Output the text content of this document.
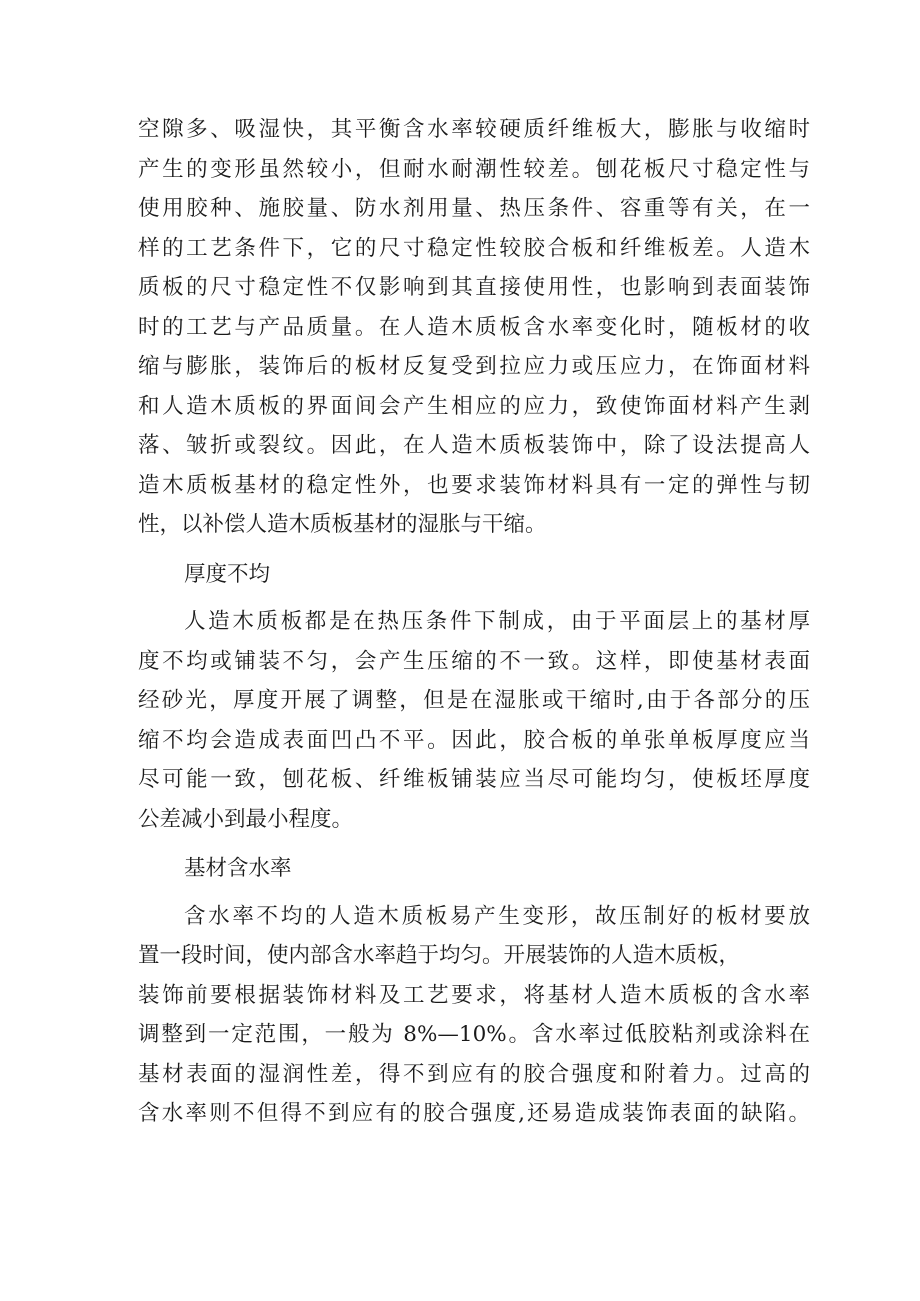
空隙多、吸湿快，其平衡含水率较硬质纤维板大，膨胀与收缩时
产生的变形虽然较小，但耐水耐潮性较差。刨花板尺寸稳定性与
使用胶种、施胶量、防水剂用量、热压条件、容重等有关，在一
样的工艺条件下，它的尺寸稳定性较胶合板和纤维板差。人造木
质板的尺寸稳定性不仅影响到其直接使用性，也影响到表面装饰
时的工艺与产品质量。在人造木质板含水率变化时，随板材的收
缩与膨胀，装饰后的板材反复受到拉应力或压应力，在饰面材料
和人造木质板的界面间会产生相应的应力，致使饰面材料产生剥
落、皱折或裂纹。因此，在人造木质板装饰中，除了设法提高人
造木质板基材的稳定性外，也要求装饰材料具有一定的弹性与韧
性，以补偿人造木质板基材的湿胀与干缩。
厚度不均
人造木质板都是在热压条件下制成，由于平面层上的基材厚
度不均或铺装不匀，会产生压缩的不一致。这样，即使基材表面
经砂光，厚度开展了调整，但是在湿胀或干缩时,由于各部分的压
缩不均会造成表面凹凸不平。因此，胶合板的单张单板厚度应当
尽可能一致，刨花板、纤维板铺装应当尽可能均匀，使板坯厚度
公差减小到最小程度。
基材含水率
含水率不均的人造木质板易产生变形，故压制好的板材要放
置一段时间，使内部含水率趋于均匀。开展装饰的人造木质板，
装饰前要根据装饰材料及工艺要求，将基材人造木质板的含水率
调整到一定范围，一般为 8%—10%。含水率过低胶粘剂或涂料在
基材表面的湿润性差，得不到应有的胶合强度和附着力。过高的
含水率则不但得不到应有的胶合强度,还易造成装饰表面的缺陷。
